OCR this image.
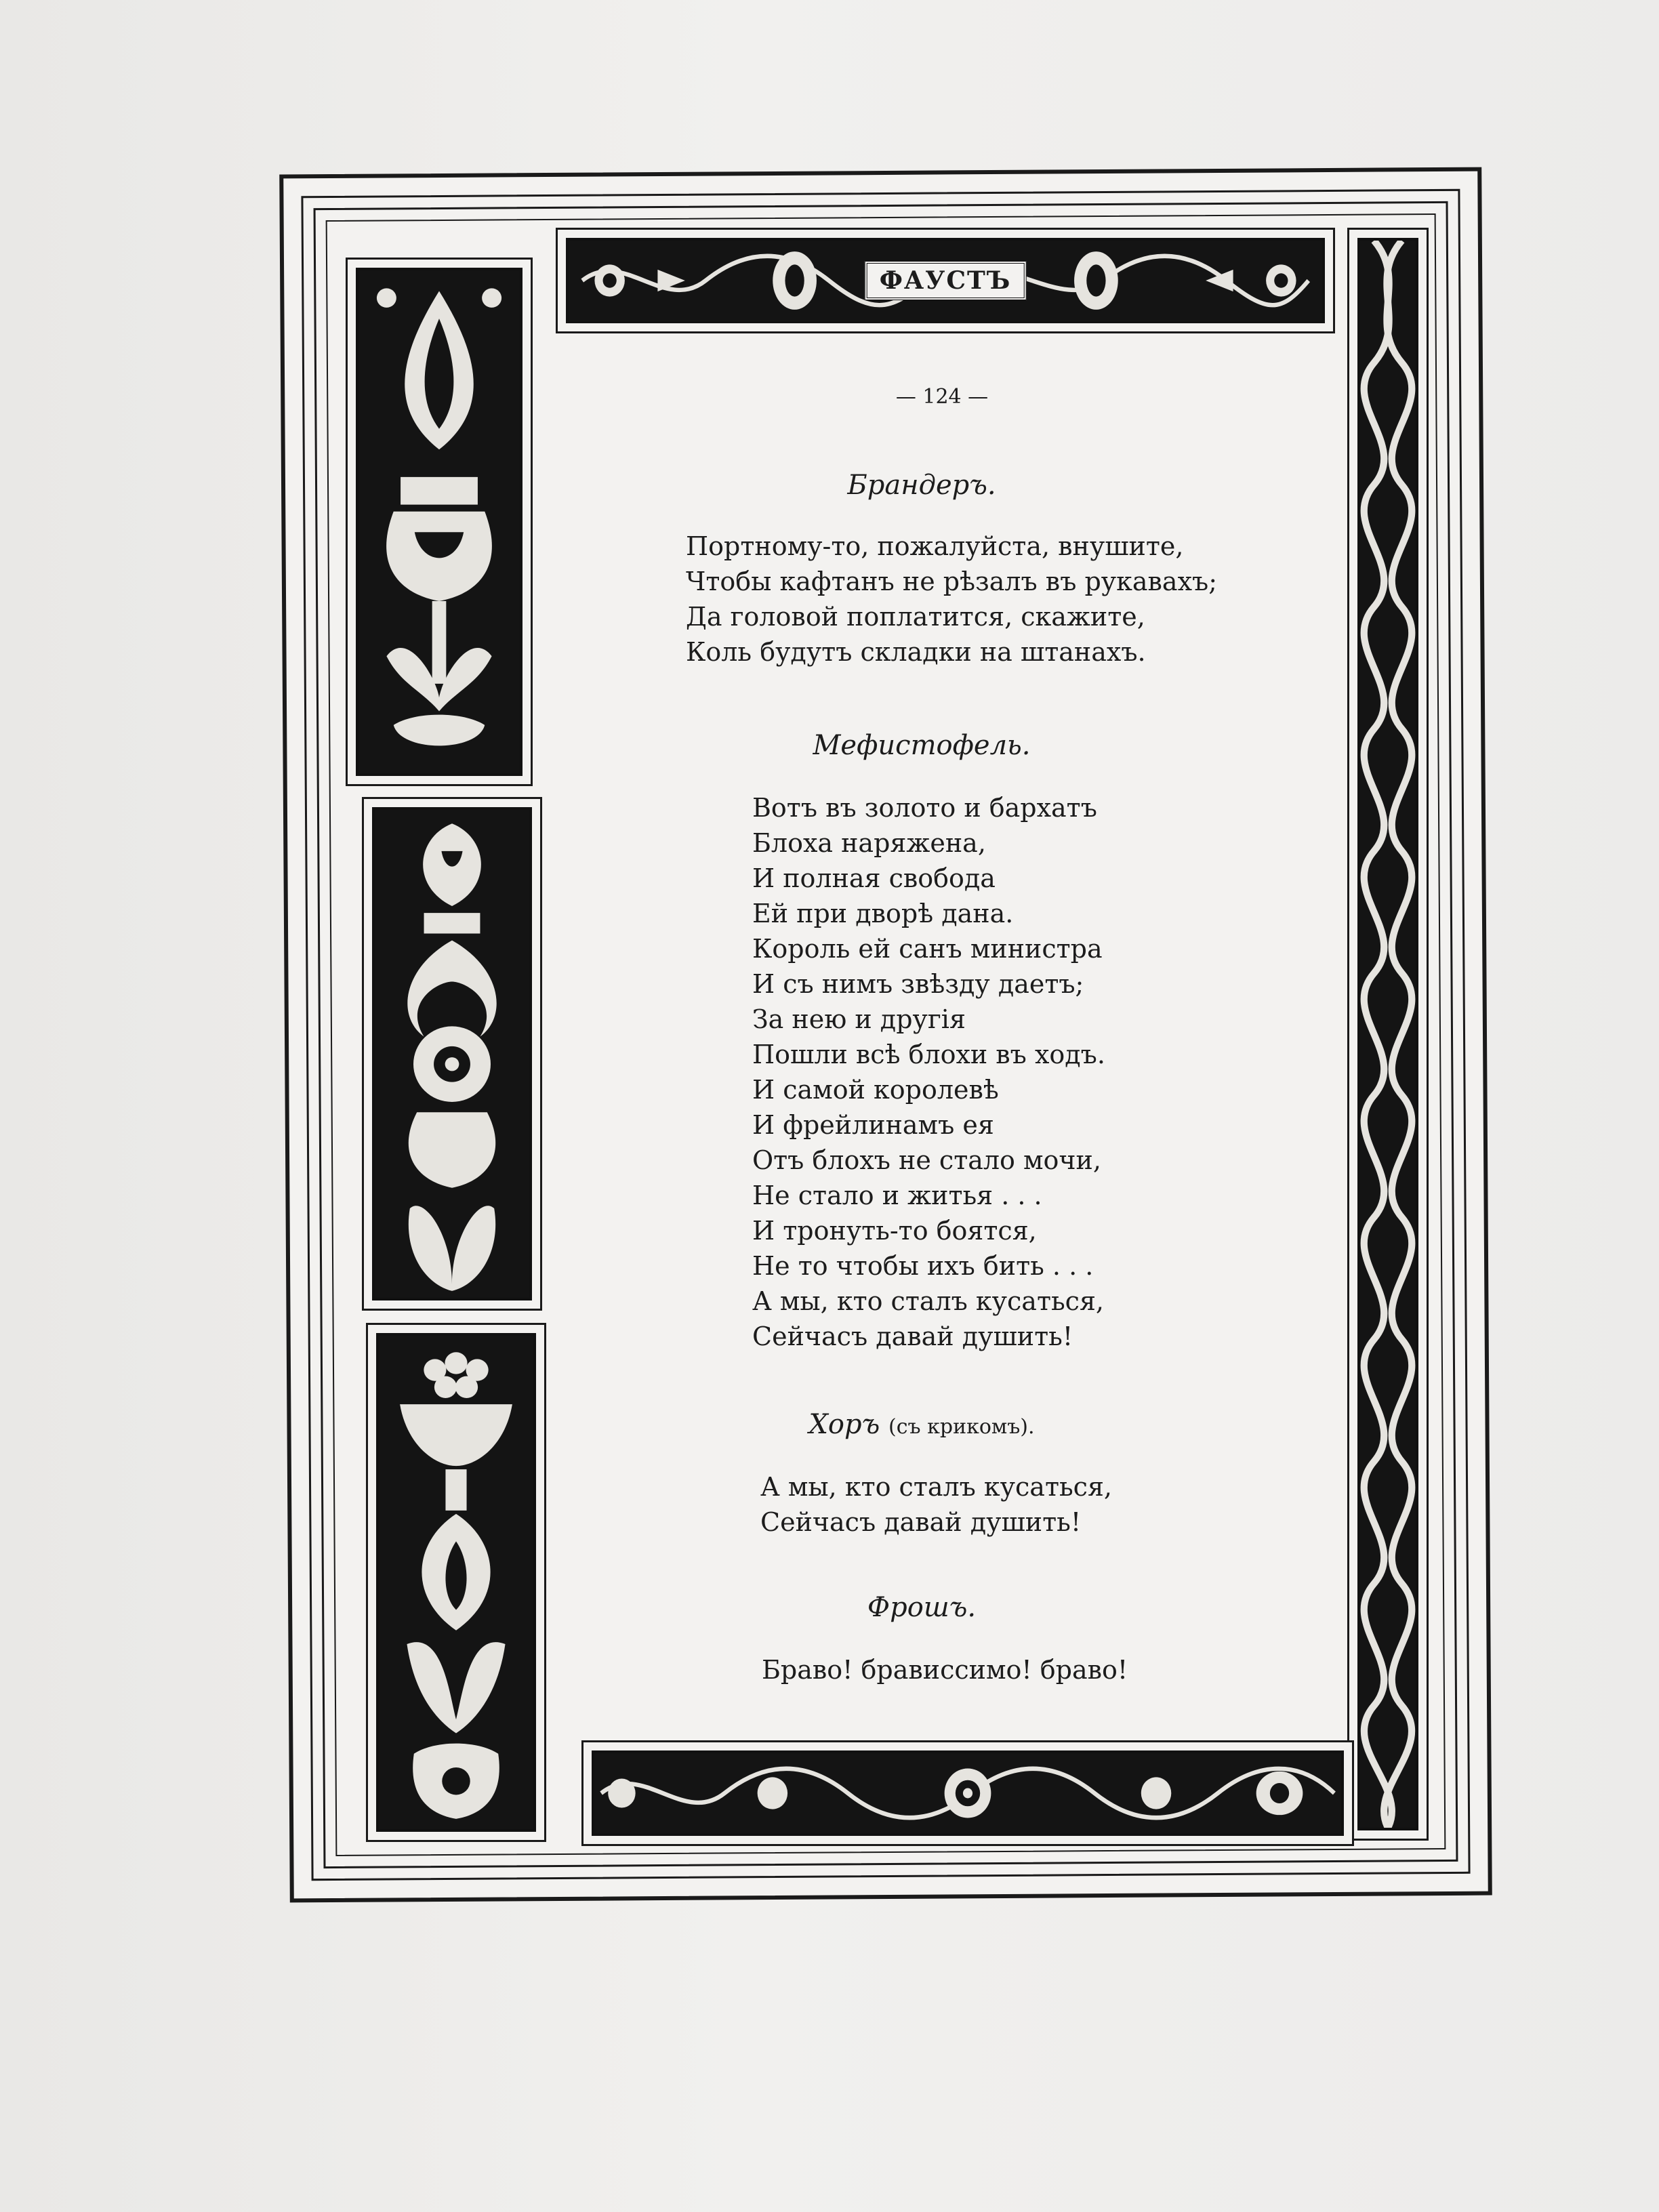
ФАУСТЪ
— 124 —
Брандеръ.
Портному-то, пожалуйста, внушите,
Чтобы кафтанъ не рѣзалъ въ рукавахъ;
Да головой поплатится, скажите,
Коль будутъ складки на штанахъ.
Мефистофель.
Вотъ въ золото и бархатъ
Блоха наряжена,
И полная свобода
Ей при дворѣ дана.
Король ей санъ министра
И съ нимъ звѣзду даетъ;
За нею и другія
Пошли всѣ блохи въ ходъ.
И самой королевѣ
И фрейлинамъ ея
Отъ блохъ не стало мочи,
Не стало и житья . . .
И тронуть-то боятся,
Не то чтобы ихъ бить . . .
А мы, кто сталъ кусаться,
Сейчасъ давай душить!
Хоръ (съ крикомъ).
А мы, кто сталъ кусаться,
Сейчасъ давай душить!
Фрошъ.
Браво! брависсимо! браво!
